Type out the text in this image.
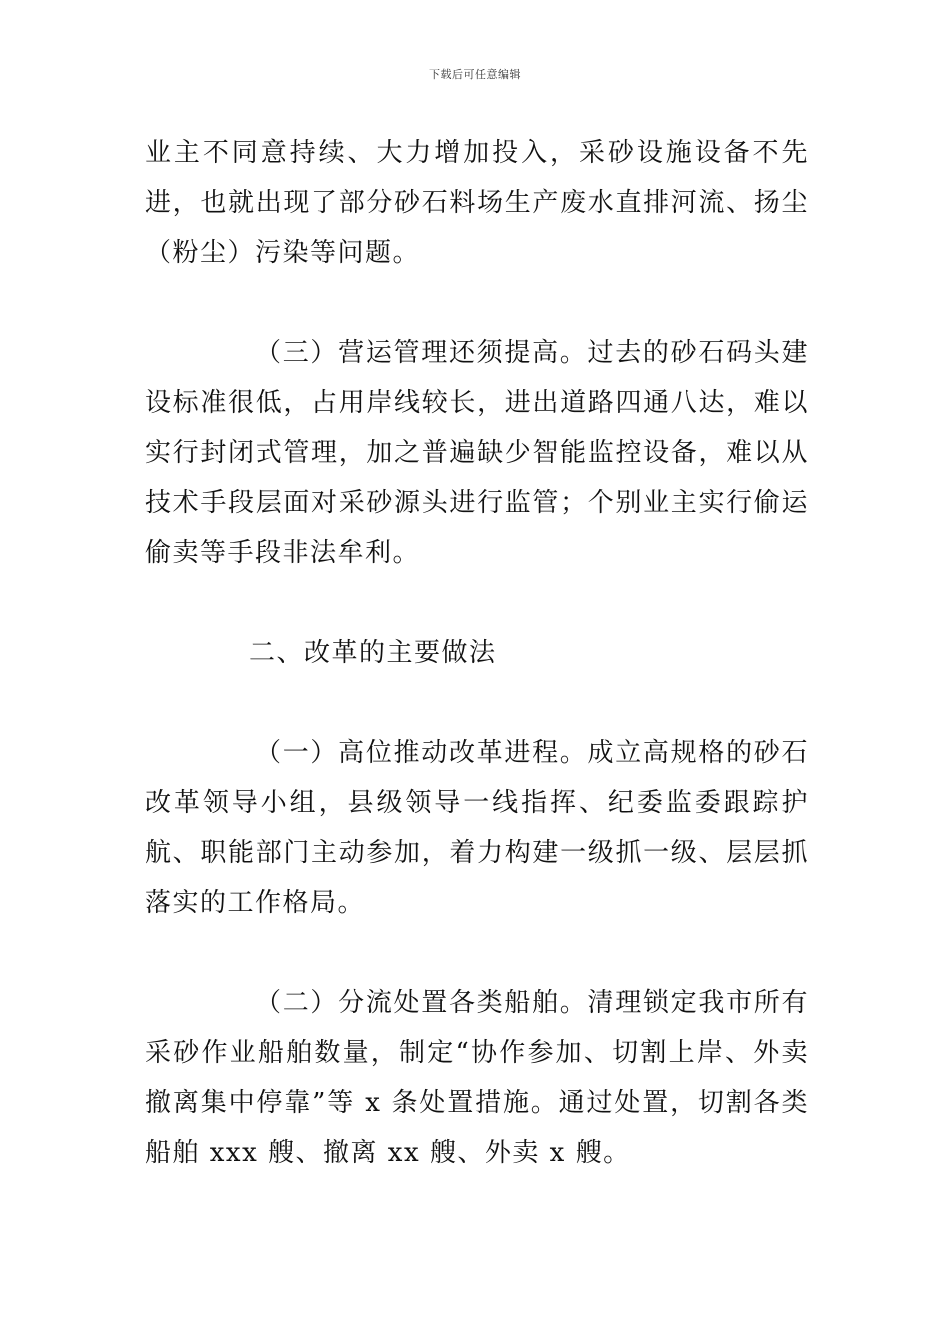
下载后可任意编辑

业主不同意持续、大力增加投入，采砂设施设备不先进，也就出现了部分砂石料场生产废水直排河流、扬尘（粉尘）污染等问题。

（三）营运管理还须提高。过去的砂石码头建设标准很低，占用岸线较长，进出道路四通八达，难以实行封闭式管理，加之普遍缺少智能监控设备，难以从技术手段层面对采砂源头进行监管；个别业主实行偷运偷卖等手段非法牟利。

二、改革的主要做法

（一）高位推动改革进程。成立高规格的砂石改革领导小组，县级领导一线指挥、纪委监委跟踪护航、职能部门主动参加，着力构建一级抓一级、层层抓落实的工作格局。

（二）分流处置各类船舶。清理锁定我市所有采砂作业船舶数量，制定“协作参加、切割上岸、外卖撤离集中停靠”等 x 条处置措施。通过处置，切割各类船舶 xxx 艘、撤离 xx 艘、外卖 x 艘。
